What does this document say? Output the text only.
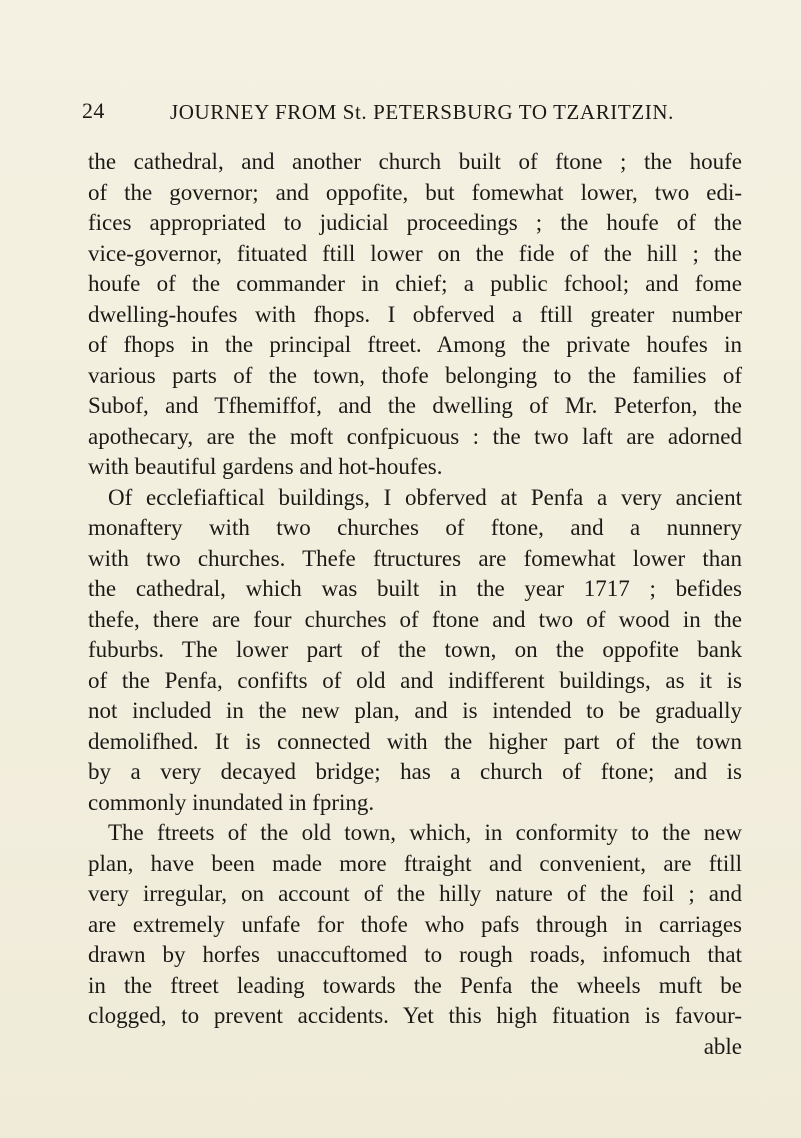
24	JOURNEY FROM St. PETERSBURG TO TZARITZIN.
the cathedral, and another church built of ftone ; the houfe
of the governor; and oppofite, but fomewhat lower, two edi-
fices appropriated to judicial proceedings ; the houfe of the
vice-governor, fituated ftill lower on the fide of the hill ; the
houfe of the commander in chief; a public fchool; and fome
dwelling-houfes with fhops. I obferved a ftill greater number
of fhops in the principal ftreet. Among the private houfes in
various parts of the town, thofe belonging to the families of
Subof, and Tfhemiffof, and the dwelling of Mr. Peterfon, the
apothecary, are the moft confpicuous : the two laft are adorned
with beautiful gardens and hot-houfes.
Of ecclefiaftical buildings, I obferved at Penfa a very ancient
monaftery with two churches of ftone, and a nunnery
with two churches. Thefe ftructures are fomewhat lower than
the cathedral, which was built in the year 1717 ; befides
thefe, there are four churches of ftone and two of wood in the
fuburbs. The lower part of the town, on the oppofite bank
of the Penfa, confifts of old and indifferent buildings, as it is
not included in the new plan, and is intended to be gradually
demolifhed. It is connected with the higher part of the town
by a very decayed bridge; has a church of ftone; and is
commonly inundated in fpring.
The ftreets of the old town, which, in conformity to the new
plan, have been made more ftraight and convenient, are ftill
very irregular, on account of the hilly nature of the foil ; and
are extremely unfafe for thofe who pafs through in carriages
drawn by horfes unaccuftomed to rough roads, infomuch that
in the ftreet leading towards the Penfa the wheels muft be
clogged, to prevent accidents. Yet this high fituation is favour-
able
